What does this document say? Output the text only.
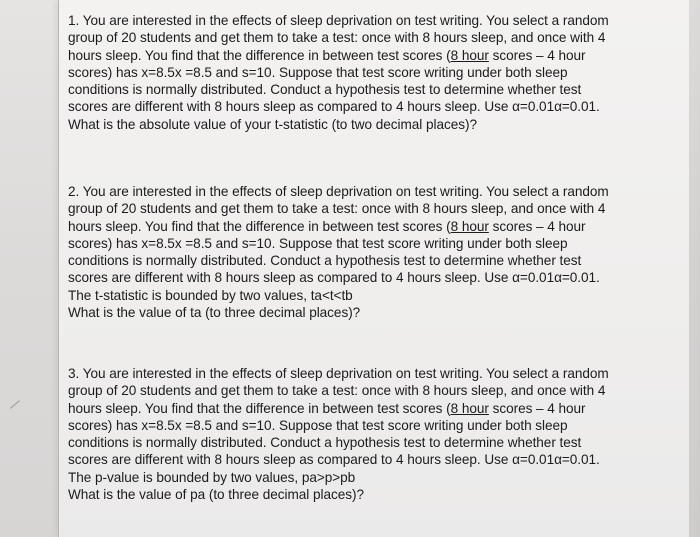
1. You are interested in the effects of sleep deprivation on test writing. You select a random

group of 20 students and get them to take a test: once with 8 hours sleep, and once with 4

hours sleep. You find that the difference in between test scores (8 hour scores – 4 hour

scores) has x=8.5x =8.5 and s=10. Suppose that test score writing under both sleep

conditions is normally distributed. Conduct a hypothesis test to determine whether test

scores are different with 8 hours sleep as compared to 4 hours sleep. Use α=0.01α=0.01.

What is the absolute value of your t-statistic (to two decimal places)?

2. You are interested in the effects of sleep deprivation on test writing. You select a random

group of 20 students and get them to take a test: once with 8 hours sleep, and once with 4

hours sleep. You find that the difference in between test scores (8 hour scores – 4 hour

scores) has x=8.5x =8.5 and s=10. Suppose that test score writing under both sleep

conditions is normally distributed. Conduct a hypothesis test to determine whether test

scores are different with 8 hours sleep as compared to 4 hours sleep. Use α=0.01α=0.01.

The t-statistic is bounded by two values, ta<t<tb

What is the value of ta (to three decimal places)?

3. You are interested in the effects of sleep deprivation on test writing. You select a random

group of 20 students and get them to take a test: once with 8 hours sleep, and once with 4

hours sleep. You find that the difference in between test scores (8 hour scores – 4 hour

scores) has x=8.5x =8.5 and s=10. Suppose that test score writing under both sleep

conditions is normally distributed. Conduct a hypothesis test to determine whether test

scores are different with 8 hours sleep as compared to 4 hours sleep. Use α=0.01α=0.01.

The p-value is bounded by two values, pa>p>pb

What is the value of pa (to three decimal places)?
